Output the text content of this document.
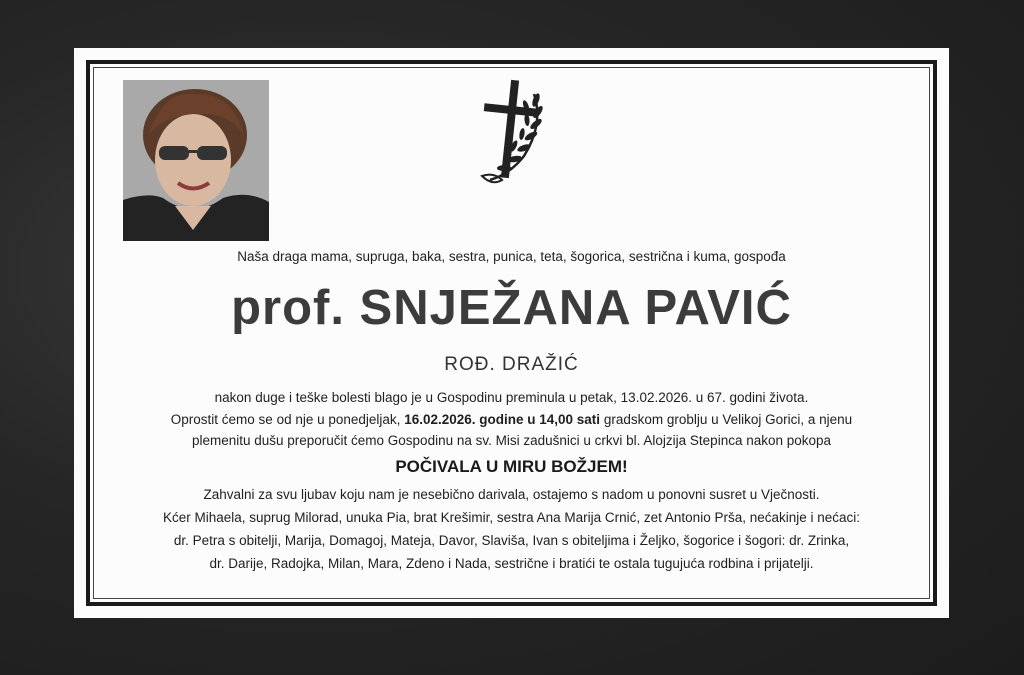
Naša draga mama, supruga, baka, sestra, punica, teta, šogorica, sestrična i kuma, gospođa
prof. SNJEŽANA PAVIĆ
ROĐ. DRAŽIĆ
nakon duge i teške bolesti blago je u Gospodinu preminula u petak, 13.02.2026. u 67. godini života.
Oprostit ćemo se od nje u ponedjeljak, 16.02.2026. godine u 14,00 sati gradskom groblju u Velikoj Gorici, a njenu
plemenitu dušu preporučit ćemo Gospodinu na sv. Misi zadušnici u crkvi bl. Alojzija Stepinca nakon pokopa
POČIVALA U MIRU BOŽJEM!
Zahvalni za svu ljubav koju nam je nesebično darivala, ostajemo s nadom u ponovni susret u Vječnosti.
Kćer Mihaela, suprug Milorad, unuka Pia, brat Krešimir, sestra Ana Marija Crnić, zet Antonio Prša, nećakinje i nećaci:
dr. Petra s obitelji, Marija, Domagoj, Mateja, Davor, Slaviša, Ivan s obiteljima i Željko, šogorice i šogori: dr. Zrinka,
dr. Darije, Radojka, Milan, Mara, Zdeno i Nada, sestrične i bratići te ostala tugujuća rodbina i prijatelji.
